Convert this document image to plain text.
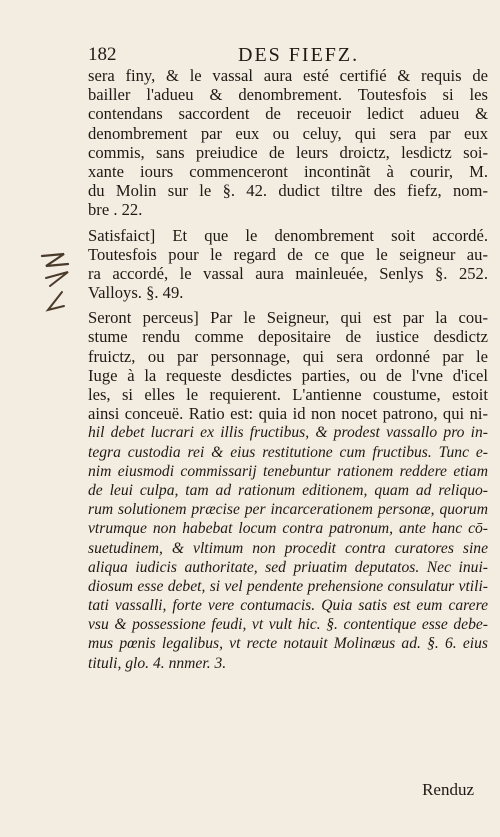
182	DES FIEFZ.
sera finy, & le vassal aura esté certifié & requis de
bailler l'adueu & denombrement. Toutesfois si les
contendans saccordent de receuoir ledict adueu &
denombrement par eux ou celuy, qui sera par eux
commis, sans preiudice de leurs droictz, lesdictz soi-
xante iours commenceront incontinãt à courir, M.
du Molin sur le §. 42. dudict tiltre des fiefz, nom-
bre . 22.
Satisfaict] Et que le denombrement soit accordé.
Toutesfois pour le regard de ce que le seigneur au-
ra accordé, le vassal aura mainleuée, Senlys §. 252.
Valloys. §. 49.
Seront perceus] Par le Seigneur, qui est par la cou-
stume rendu comme depositaire de iustice desdictz
fruictz, ou par personnage, qui sera ordonné par le
Iuge à la requeste desdictes parties, ou de l'vne d'icel
les, si elles le requierent. L'antienne coustume, estoit
ainsi conceuë. Ratio est: quia id non nocet patrono, qui ni-
hil debet lucrari ex illis fructibus, & prodest vassallo pro in-
tegra custodia rei & eius restitutione cum fructibus. Tunc e-
nim eiusmodi commissarij tenebuntur rationem reddere etiam
de leui culpa, tam ad rationum editionem, quam ad reliquo-
rum solutionem præcise per incarcerationem personæ, quorum
vtrumque non habebat locum contra patronum, ante hanc cō-
suetudinem, & vltimum non procedit contra curatores sine
aliqua iudicis authoritate, sed priuatim deputatos. Nec inui-
diosum esse debet, si vel pendente prehensione consulatur vtili-
tati vassalli, forte vere contumacis. Quia satis est eum carere
vsu & possessione feudi, vt vult hic. §. contentique esse debe-
mus pœnis legalibus, vt recte notauit Molinæus ad. §. 6. eius
tituli, glo. 4. nnmer. 3.
Renduz
